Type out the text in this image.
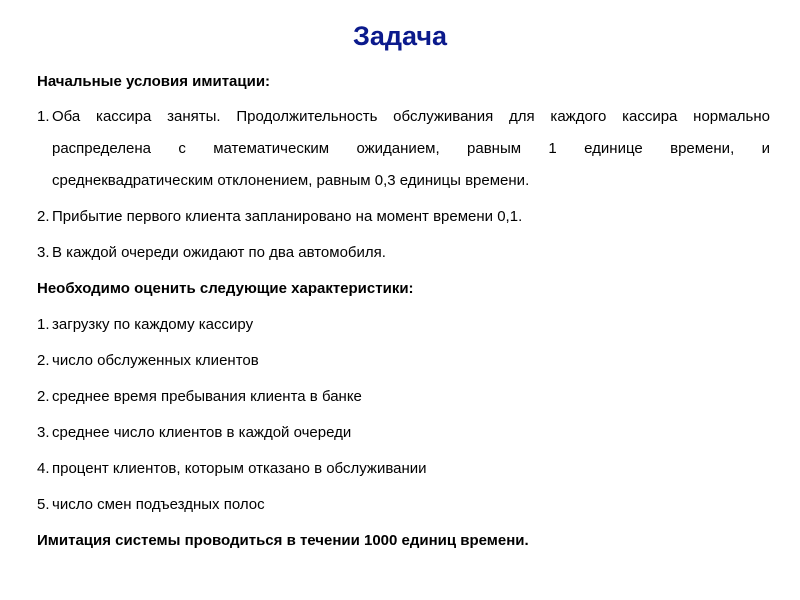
Задача
Начальные условия имитации:
1. Оба кассира заняты. Продолжительность обслуживания для каждого кассира нормально
распределена с математическим ожиданием, равным 1 единице времени, и
среднеквадратическим отклонением, равным 0,3 единицы времени.
2. Прибытие первого клиента запланировано на момент времени 0,1.
3. В каждой очереди ожидают по два автомобиля.
Необходимо оценить следующие характеристики:
1. загрузку по каждому кассиру
2. число обслуженных клиентов
2. среднее время пребывания клиента в банке
3. среднее число клиентов в каждой очереди
4. процент клиентов, которым отказано в обслуживании
5. число смен подъездных полос
Имитация системы проводиться в течении 1000 единиц времени.
